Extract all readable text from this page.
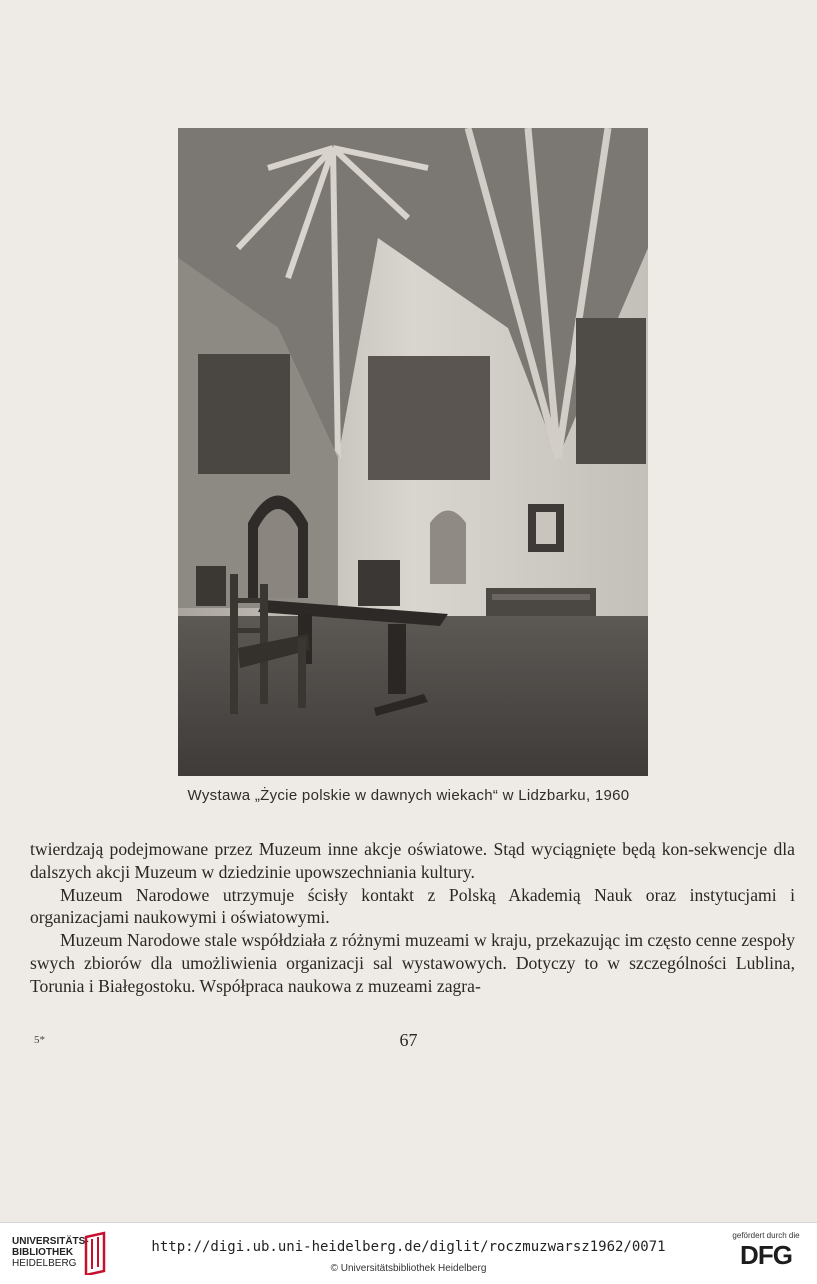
Wystawa „Życie polskie w dawnych wiekach“ w Lidzbarku, 1960

twierdzają podejmowane przez Muzeum inne akcje oświatowe. Stąd wyciągnięte będą kon-sekwencje dla dalszych akcji Muzeum w dziedzinie upowszechniania kultury.

Muzeum Narodowe utrzymuje ścisły kontakt z Polską Akademią Nauk oraz instytucjami i organizacjami naukowymi i oświatowymi.

Muzeum Narodowe stale współdziała z różnymi muzeami w kraju, przekazując im często cenne zespoły swych zbiorów dla umożliwienia organizacji sal wystawowych. Dotyczy to w szczególności Lublina, Torunia i Białegostoku. Współpraca naukowa z muzeami zagra-

5*	67
UNIVERSITÄTS-
BIBLIOTHEK
HEIDELBERG
http://digi.ub.uni-heidelberg.de/diglit/roczmuzwarsz1962/0071
© Universitätsbibliothek Heidelberg
gefördert durch die
DFG
